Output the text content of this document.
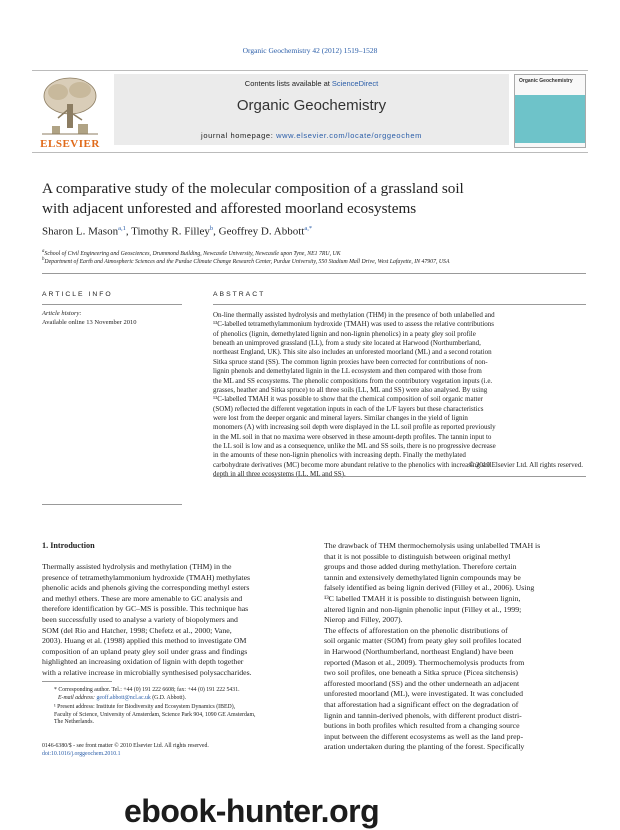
Organic Geochemistry 42 (2012) 1519–1528
ELSEVIER
Contents lists available at ScienceDirect
Organic Geochemistry
journal homepage: www.elsevier.com/locate/orggeochem
Organic Geochemistry
A comparative study of the molecular composition of a grassland soil
with adjacent unforested and afforested moorland ecosystems
Sharon L. Mason$^{a,1}$, Timothy R. Filley$^b$, Geoffrey D. Abbott$^{a,*}$
$^a$School of Civil Engineering and Geosciences, Drummond Building, Newcastle University, Newcastle upon Tyne, NE1 7RU, UK
$^b$Department of Earth and Atmospheric Sciences and the Purdue Climate Change Research Center, Purdue University, 550 Stadium Mall Drive, West Lafayette, IN 47907, USA
ARTICLE INFO
Article history:
Available online 13 November 2010
ABSTRACT
On-line thermally assisted hydrolysis and methylation (THM) in the presence of both unlabelled and
¹³C-labelled tetramethylammonium hydroxide (TMAH) was used to assess the relative contributions
of phenolics (lignin, demethylated lignin and non-lignin phenolics) in a peaty gley soil profile
beneath an unimproved grassland (LL), from a study site located at Harwood (Northumberland,
northeast England, UK). This site also includes an unforested moorland (ML) and a second rotation
Sitka spruce stand (SS). The common lignin proxies have been corrected for contributions of non-
lignin phenols and demethylated lignin in the LL ecosystem and then compared with those from
the ML and SS ecosystems. The phenolic compositions from the contributory vegetation inputs (i.e.
grasses, heather and Sitka spruce) to all three soils (LL, ML and SS) were also analysed. By using
¹³C-labelled TMAH it was possible to show that the chemical composition of soil organic matter
(SOM) reflected the different vegetation inputs in each of the L/F layers but these characteristics
were lost from the deeper organic and mineral layers. Similar changes in the yield of lignin
monomers (Λ) with increasing soil depth were displayed in the LL soil profile as reported previously
in the ML soil in that no maxima were observed in these amount-depth profiles. The tannin input to
the LL soil is low and as a consequence, unlike the ML and SS soils, there is no progressive decrease
in the amounts of these non-lignin phenolics with increasing depth. Finally the methylated
carbohydrate derivatives (MC) become more abundant relative to the phenolics with increasing soil
depth in all three ecosystems (LL, ML and SS).
© 2010 Elsevier Ltd. All rights reserved.
1. Introduction
Thermally assisted hydrolysis and methylation (THM) in the
presence of tetramethylammonium hydroxide (TMAH) methylates
phenolic acids and phenols giving the corresponding methyl esters
and methyl ethers. These are more amenable to GC analysis and
therefore identification by GC–MS is possible. This technique has
been successfully used to analyse a variety of biopolymers and
SOM (del Rio and Hatcher, 1998; Chefetz et al., 2000; Vane,
2003). Huang et al. (1998) applied this method to investigate OM
composition of an upland peaty gley soil under grass and findings
highlighted an increasing oxidation of lignin with depth together
with a relative increase in microbially synthesised polysaccharides.
The drawback of THM thermochemolysis using unlabelled TMAH is
that it is not possible to distinguish between original methyl
groups and those added during methylation. Therefore certain
tannin and extensively demethylated lignin compounds may be
falsely identified as being lignin derived (Filley et al., 2006). Using
¹³C labelled TMAH it is possible to distinguish between lignin,
altered lignin and non-lignin phenolic input (Filley et al., 1999;
Nierop and Filley, 2007).
The effects of afforestation on the phenolic distributions of
soil organic matter (SOM) from peaty gley soil profiles located
in Harwood (Northumberland, northeast England) have been
reported (Mason et al., 2009). Thermochemolysis products from
two soil profiles, one beneath a Sitka spruce (Picea sitchensis)
afforested moorland (SS) and the other underneath an adjacent
unforested moorland (ML), were investigated. It was concluded
that afforestation had a significant effect on the degradation of
lignin and tannin-derived phenols, with different product distri-
butions in both profiles which resulted from a changing source
input between the different ecosystems as well as the land prep-
aration undertaken during the planting of the forest. Specifically
* Corresponding author. Tel.: +44 (0) 191 222 6608; fax: +44 (0) 191 222 5431.
E-mail address: geoff.abbott@ncl.ac.uk (G.D. Abbott).
¹ Present address: Institute for Biodiversity and Ecosystem Dynamics (IBED),
Faculty of Science, University of Amsterdam, Science Park 904, 1090 GE Amsterdam,
The Netherlands.
0146-6380/$ - see front matter © 2010 Elsevier Ltd. All rights reserved.
doi:10.1016/j.orggeochem.2010.1
ebook-hunter.org
